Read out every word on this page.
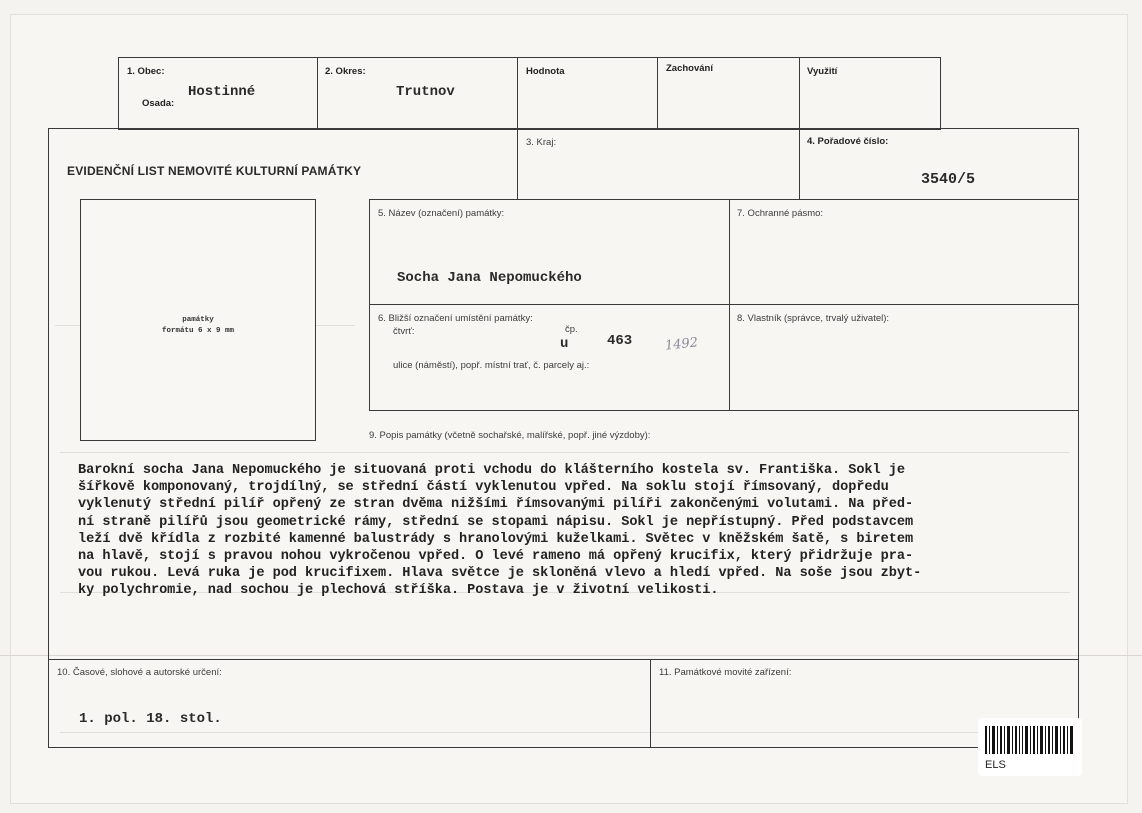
1. Obec:
Hostinné
Osada:
2. Okres:
Trutnov
Hodnota	Zachování	Využití
EVIDENČNÍ LIST NEMOVITÉ KULTURNÍ PAMÁTKY
3. Kraj:	4. Pořadové číslo:
3540/5
památky
formátu 6 x 9 mm
5. Název (označení) památky:
Socha Jana Nepomuckého
7. Ochranné pásmo:
6. Bližší označení umístění památky:
čtvrť:	čp.
u	463 1492
ulice (náměstí), popř. místní trať, č. parcely aj.:
8. Vlastník (správce, trvalý uživatel):
9. Popis památky (včetně sochařské, malířské, popř. jiné výzdoby):
Barokní socha Jana Nepomuckého je situovaná proti vchodu do klášterního kostela sv. Františka. Sokl je
šířkově komponovaný, trojdílný, se střední částí vyklenutou vpřed. Na soklu stojí římsovaný, dopředu
vyklenutý střední pilíř opřený ze stran dvěma nižšími římsovanými pilíři zakončenými volutami. Na před-
ní straně pilířů jsou geometrické rámy, střední se stopami nápisu. Sokl je nepřístupný. Před podstavcem
leží dvě křídla z rozbité kamenné balustrády s hranolovými kuželkami. Světec v kněžském šatě, s biretem
na hlavě, stojí s pravou nohou vykročenou vpřed. O levé rameno má opřený krucifix, který přidržuje pra-
vou rukou. Levá ruka je pod krucifixem. Hlava světce je skloněná vlevo a hledí vpřed. Na soše jsou zbyt-
ky polychromie, nad sochou je plechová stříška. Postava je v životní velikosti.
10. Časové, slohové a autorské určení:
1. pol. 18. stol.
11. Památkové movité zařízení:
ELS
